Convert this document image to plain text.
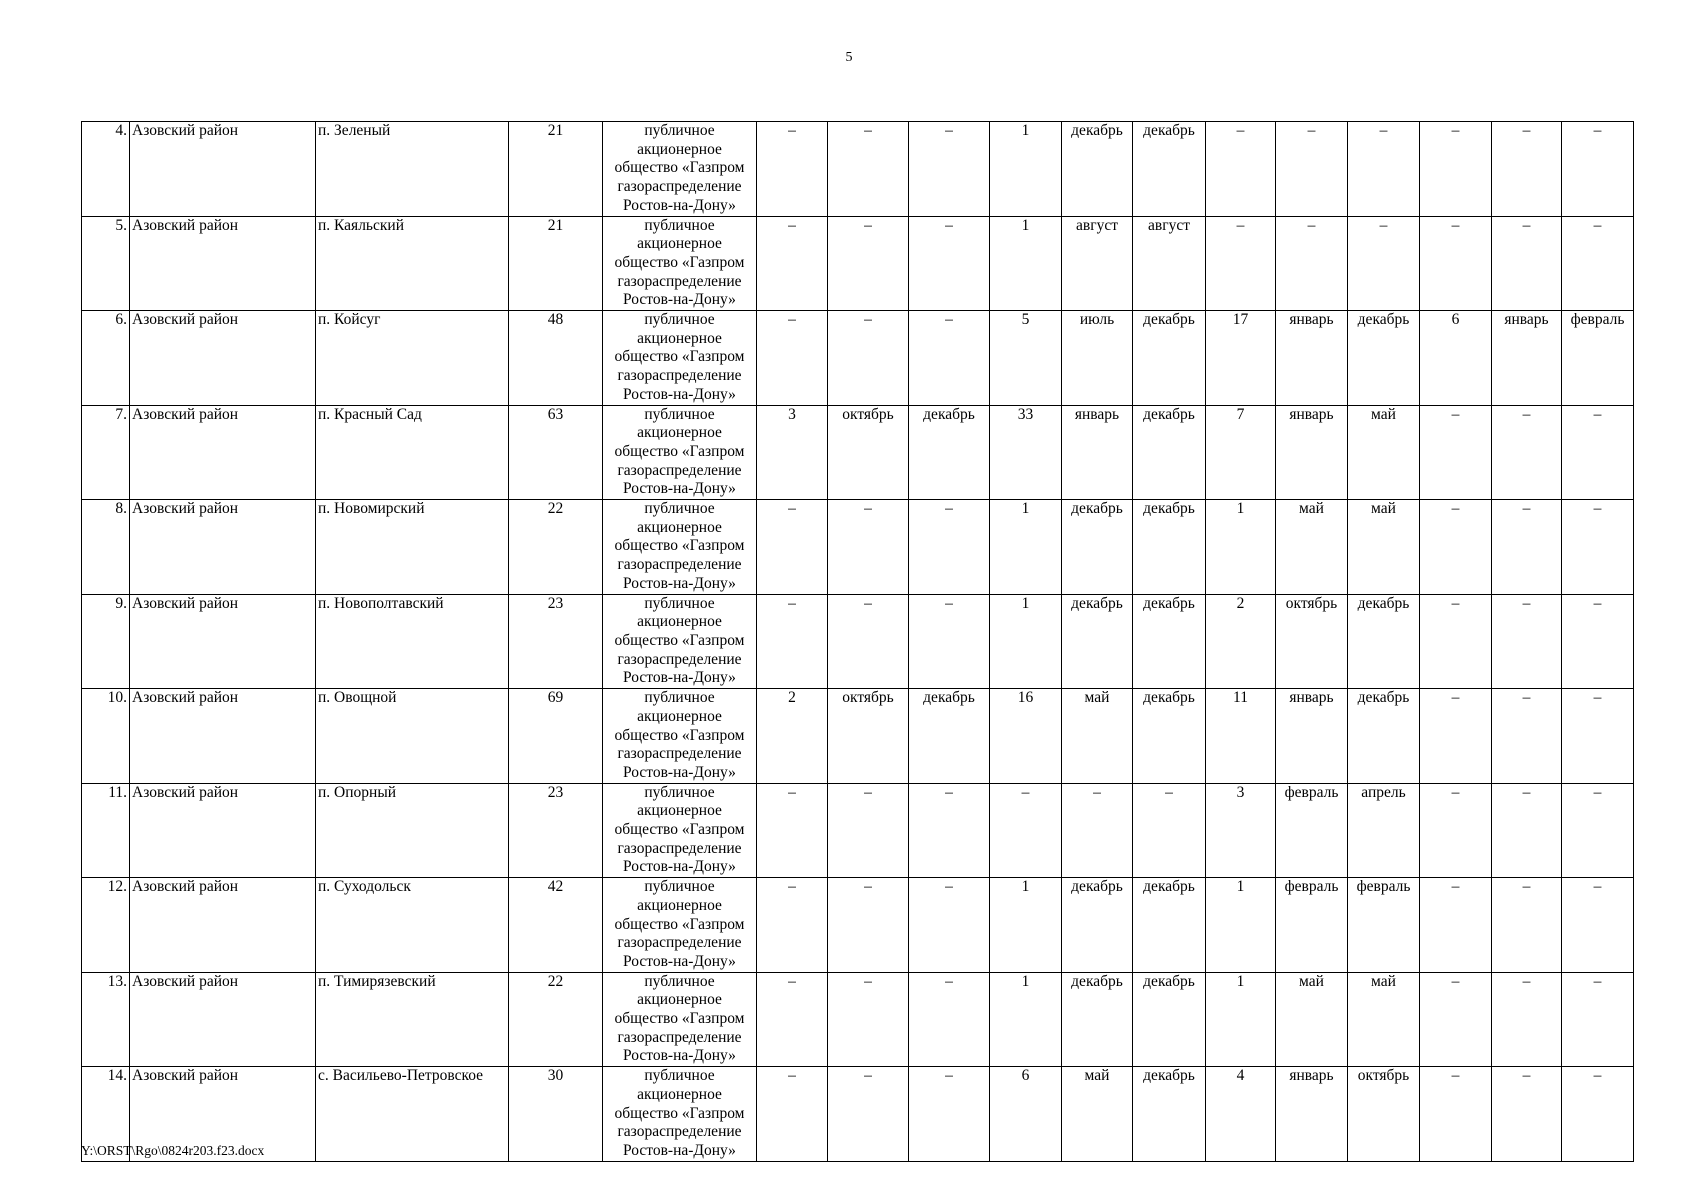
5
4.	Азовский район	п. Зеленый	21	публичное акционерное общество «Газпром газораспределение Ростов-на-Дону»	–	–	–	1	декабрь	декабрь	–	–	–	–	–	–
5.	Азовский район	п. Каяльский	21	публичное акционерное общество «Газпром газораспределение Ростов-на-Дону»	–	–	–	1	август	август	–	–	–	–	–	–
6.	Азовский район	п. Койсуг	48	публичное акционерное общество «Газпром газораспределение Ростов-на-Дону»	–	–	–	5	июль	декабрь	17	январь	декабрь	6	январь	февраль
7.	Азовский район	п. Красный Сад	63	публичное акционерное общество «Газпром газораспределение Ростов-на-Дону»	3	октябрь	декабрь	33	январь	декабрь	7	январь	май	–	–	–
8.	Азовский район	п. Новомирский	22	публичное акционерное общество «Газпром газораспределение Ростов-на-Дону»	–	–	–	1	декабрь	декабрь	1	май	май	–	–	–
9.	Азовский район	п. Новополтавский	23	публичное акционерное общество «Газпром газораспределение Ростов-на-Дону»	–	–	–	1	декабрь	декабрь	2	октябрь	декабрь	–	–	–
10.	Азовский район	п. Овощной	69	публичное акционерное общество «Газпром газораспределение Ростов-на-Дону»	2	октябрь	декабрь	16	май	декабрь	11	январь	декабрь	–	–	–
11.	Азовский район	п. Опорный	23	публичное акционерное общество «Газпром газораспределение Ростов-на-Дону»	–	–	–	–	–	–	3	февраль	апрель	–	–	–
12.	Азовский район	п. Суходольск	42	публичное акционерное общество «Газпром газораспределение Ростов-на-Дону»	–	–	–	1	декабрь	декабрь	1	февраль	февраль	–	–	–
13.	Азовский район	п. Тимирязевский	22	публичное акционерное общество «Газпром газораспределение Ростов-на-Дону»	–	–	–	1	декабрь	декабрь	1	май	май	–	–	–
14.	Азовский район	с. Васильево-Петровское	30	публичное акционерное общество «Газпром газораспределение Ростов-на-Дону»	–	–	–	6	май	декабрь	4	январь	октябрь	–	–	–
Y:\ORST\Rgo\0824r203.f23.docx
